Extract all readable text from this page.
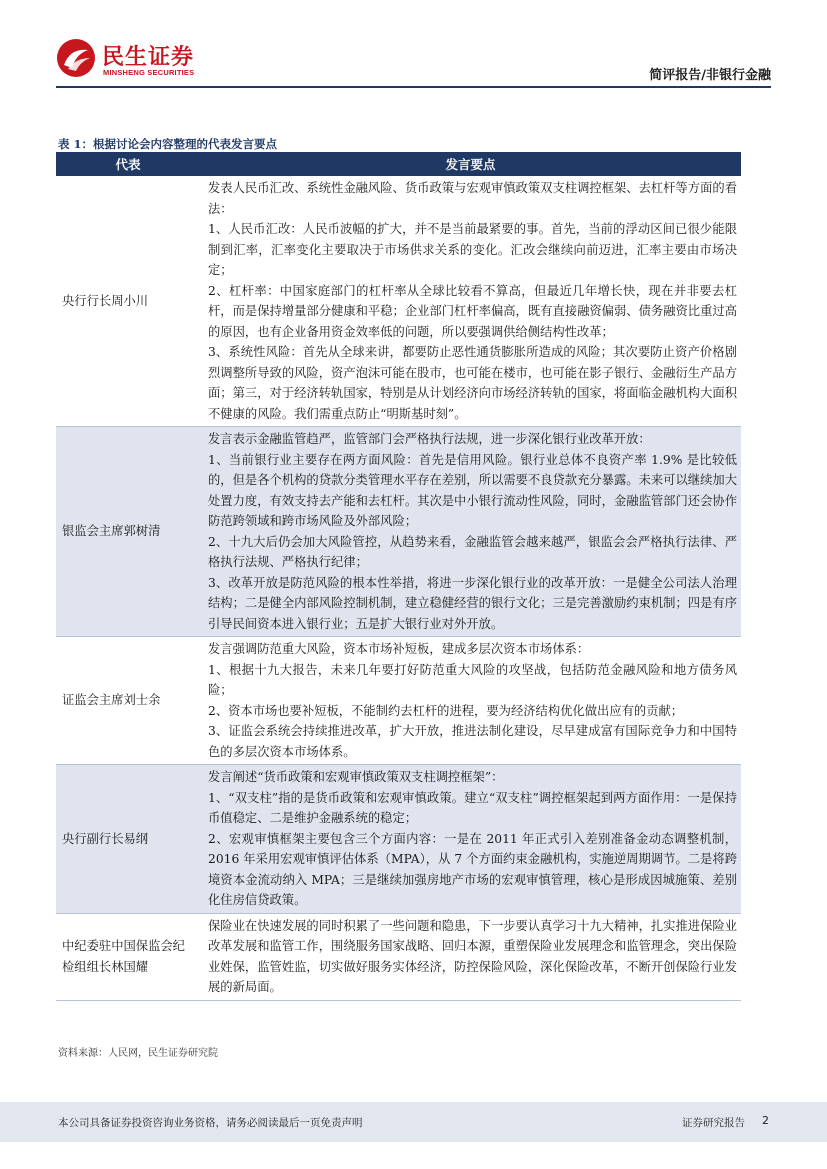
民生证券
MINSHENG SECURITIES	简评报告/非银行金融
表 1：根据讨论会内容整理的代表发言要点
代表	发言要点
央行行长周小川	发表人民币汇改、系统性金融风险、货币政策与宏观审慎政策双支柱调控框架、去杠杆等方面的看法：
1、人民币汇改：人民币波幅的扩大，并不是当前最紧要的事。首先，当前的浮动区间已很少能限制到汇率，汇率变化主要取决于市场供求关系的变化。汇改会继续向前迈进，汇率主要由市场决定；
2、杠杆率：中国家庭部门的杠杆率从全球比较看不算高，但最近几年增长快，现在并非要去杠杆，而是保持增量部分健康和平稳；企业部门杠杆率偏高，既有直接融资偏弱、债务融资比重过高的原因，也有企业备用资金效率低的问题，所以要强调供给侧结构性改革；
3、系统性风险：首先从全球来讲，都要防止恶性通货膨胀所造成的风险；其次要防止资产价格剧烈调整所导致的风险，资产泡沫可能在股市，也可能在楼市，也可能在影子银行、金融衍生产品方面；第三，对于经济转轨国家，特别是从计划经济向市场经济转轨的国家，将面临金融机构大面积不健康的风险。我们需重点防止“明斯基时刻”。

银监会主席郭树清	发言表示金融监管趋严，监管部门会严格执行法规，进一步深化银行业改革开放：
1、当前银行业主要存在两方面风险：首先是信用风险。银行业总体不良资产率 1.9% 是比较低的，但是各个机构的贷款分类管理水平存在差别，所以需要不良贷款充分暴露。未来可以继续加大处置力度，有效支持去产能和去杠杆。其次是中小银行流动性风险，同时，金融监管部门还会协作防范跨领域和跨市场风险及外部风险；
2、十九大后仍会加大风险管控，从趋势来看，金融监管会越来越严，银监会会严格执行法律、严格执行法规、严格执行纪律；
3、改革开放是防范风险的根本性举措，将进一步深化银行业的改革开放：一是健全公司法人治理结构；二是健全内部风险控制机制，建立稳健经营的银行文化；三是完善激励约束机制；四是有序引导民间资本进入银行业；五是扩大银行业对外开放。

证监会主席刘士余	发言强调防范重大风险，资本市场补短板，建成多层次资本市场体系：
1、根据十九大报告，未来几年要打好防范重大风险的攻坚战，包括防范金融风险和地方债务风险；
2、资本市场也要补短板，不能制约去杠杆的进程，要为经济结构优化做出应有的贡献；
3、证监会系统会持续推进改革，扩大开放，推进法制化建设，尽早建成富有国际竞争力和中国特色的多层次资本市场体系。

央行副行长易纲	发言阐述“货币政策和宏观审慎政策双支柱调控框架”：
1、“双支柱”指的是货币政策和宏观审慎政策。建立“双支柱”调控框架起到两方面作用：一是保持币值稳定、二是维护金融系统的稳定；
2、宏观审慎框架主要包含三个方面内容：一是在 2011 年正式引入差别准备金动态调整机制，2016 年采用宏观审慎评估体系（MPA），从 7 个方面约束金融机构，实施逆周期调节。二是将跨境资本金流动纳入 MPA；三是继续加强房地产市场的宏观审慎管理，核心是形成因城施策、差别化住房信贷政策。

中纪委驻中国保监会纪检组组长林国耀	保险业在快速发展的同时积累了一些问题和隐患，下一步要认真学习十九大精神，扎实推进保险业改革发展和监管工作，围绕服务国家战略、回归本源，重塑保险业发展理念和监管理念，突出保险业姓保，监管姓监，切实做好服务实体经济，防控保险风险，深化保险改革，不断开创保险行业发展的新局面。
资料来源：人民网，民生证券研究院
本公司具备证券投资咨询业务资格，请务必阅读最后一页免责声明	证券研究报告 2
